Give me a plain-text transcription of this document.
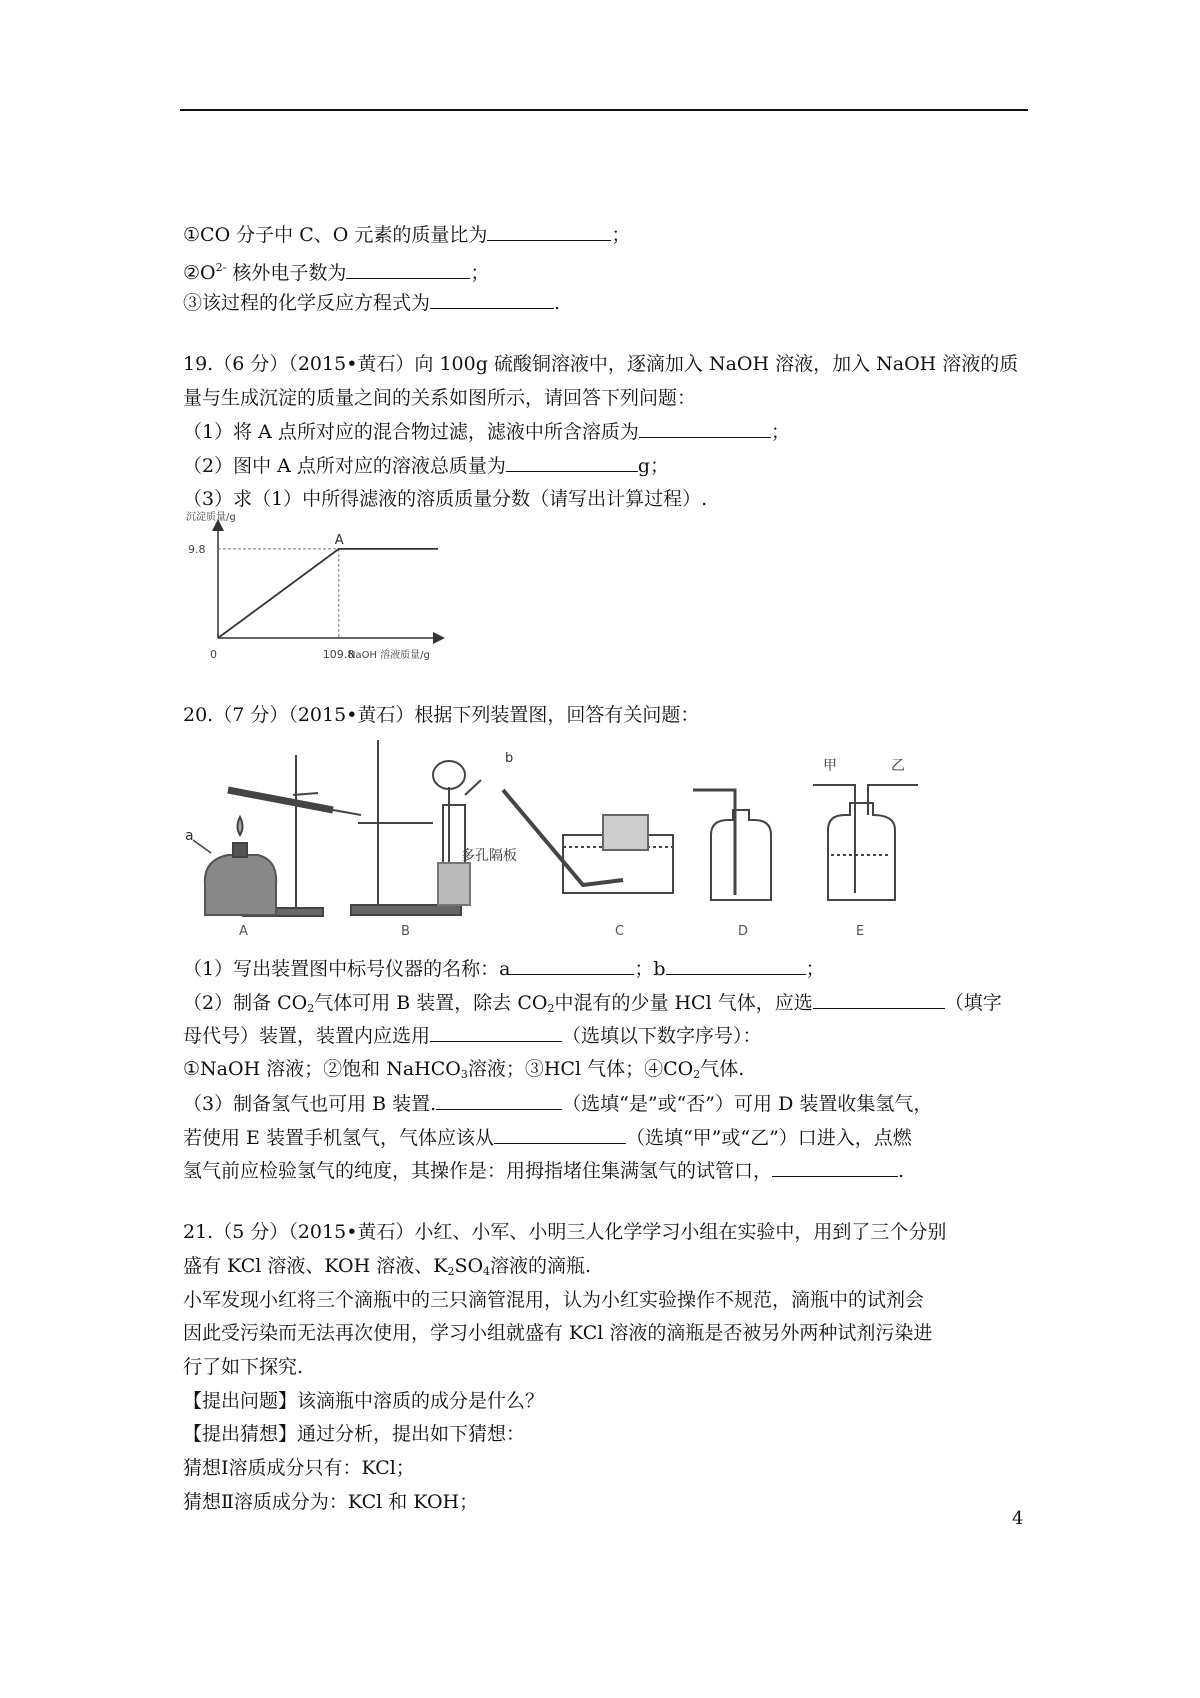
①CO 分子中 C、O 元素的质量比为	；
$②O^{2-}$ 核外电子数为	；
③该过程的化学反应方程式为	.
19.（6 分）（2015•黄石）向 100g 硫酸铜溶液中，逐滴加入 NaOH 溶液，加入 NaOH 溶液的质
量与生成沉淀的质量之间的关系如图所示，请回答下列问题：
（1）将 A 点所对应的混合物过滤，滤液中所含溶质为	；
（2）图中 A 点所对应的溶液总质量为	g；
（3）求（1）中所得滤液的溶质质量分数（请写出计算过程）.
沉淀质量/g
NaOH 溶液质量/g
0	109.8
9.8
A
20.（7 分）（2015•黄石）根据下列装置图，回答有关问题：
a
A
b
多孔隔板
B	C	D
甲	乙
E
（1）写出装置图中标号仪器的名称：a	；b	；
（2）制备 $CO_2$气体可用 B 装置，除去 $CO_2$中混有的少量 HCl 气体，应选	（填字
母代号）装置，装置内应选用	（选填以下数字序号）：
①NaOH 溶液；②饱和 NaHCO$_3$溶液；③HCl 气体；$④CO_2$气体.
（3）制备氢气也可用 B 装置.	（选填“是”或“否”）可用 D 装置收集氢气，
若使用 E 装置手机氢气，气体应该从	（选填“甲”或“乙”）口进入，点燃
氢气前应检验氢气的纯度，其操作是：用拇指堵住集满氢气的试管口，	.
21.（5 分）（2015•黄石）小红、小军、小明三人化学学习小组在实验中，用到了三个分别
盛有 KCl 溶液、KOH 溶液、$K_2SO_4$溶液的滴瓶.
小军发现小红将三个滴瓶中的三只滴管混用，认为小红实验操作不规范，滴瓶中的试剂会
因此受污染而无法再次使用，学习小组就盛有 KCl 溶液的滴瓶是否被另外两种试剂污染进
行了如下探究.
【提出问题】该滴瓶中溶质的成分是什么？
【提出猜想】通过分析，提出如下猜想：
猜想Ⅰ溶质成分只有：KCl；
猜想Ⅱ溶质成分为：KCl 和 KOH；
4
